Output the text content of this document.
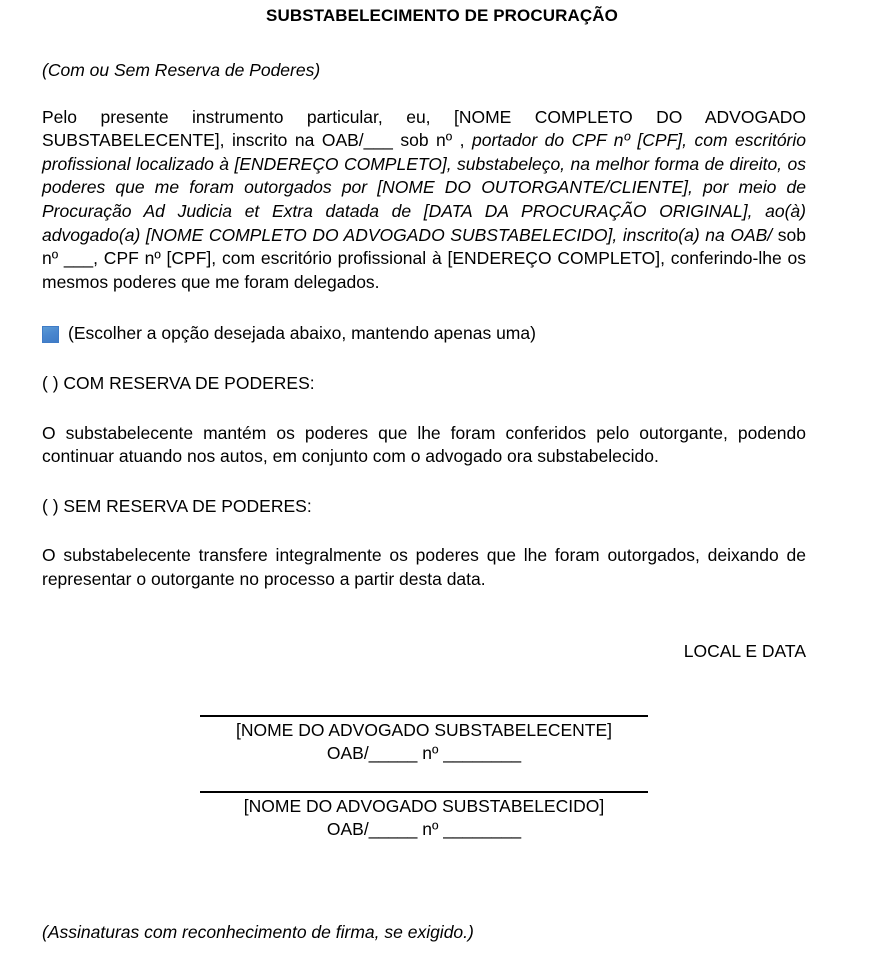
SUBSTABELECIMENTO DE PROCURAÇÃO
(Com ou Sem Reserva de Poderes)

Pelo presente instrumento particular, eu, [NOME COMPLETO DO ADVOGADO SUBSTABELECENTE], inscrito na OAB/___ sob nº , portador do CPF nº [CPF], com escritório profissional localizado à [ENDEREÇO COMPLETO], substabeleço, na melhor forma de direito, os poderes que me foram outorgados por [NOME DO OUTORGANTE/CLIENTE], por meio de Procuração Ad Judicia et Extra datada de [DATA DA PROCURAÇÃO ORIGINAL], ao(à) advogado(a) [NOME COMPLETO DO ADVOGADO SUBSTABELECIDO], inscrito(a) na OAB/ sob nº ___, CPF nº [CPF], com escritório profissional à [ENDEREÇO COMPLETO], conferindo-lhe os mesmos poderes que me foram delegados.

(Escolher a opção desejada abaixo, mantendo apenas uma)
( ) COM RESERVA DE PODERES:

O substabelecente mantém os poderes que lhe foram conferidos pelo outorgante, podendo continuar atuando nos autos, em conjunto com o advogado ora substabelecido.

( ) SEM RESERVA DE PODERES:

O substabelecente transfere integralmente os poderes que lhe foram outorgados, deixando de representar o outorgante no processo a partir desta data.

LOCAL E DATA
[NOME DO ADVOGADO SUBSTABELECENTE]
OAB/_____ nº ________
[NOME DO ADVOGADO SUBSTABELECIDO]
OAB/_____ nº ________
(Assinaturas com reconhecimento de firma, se exigido.)
